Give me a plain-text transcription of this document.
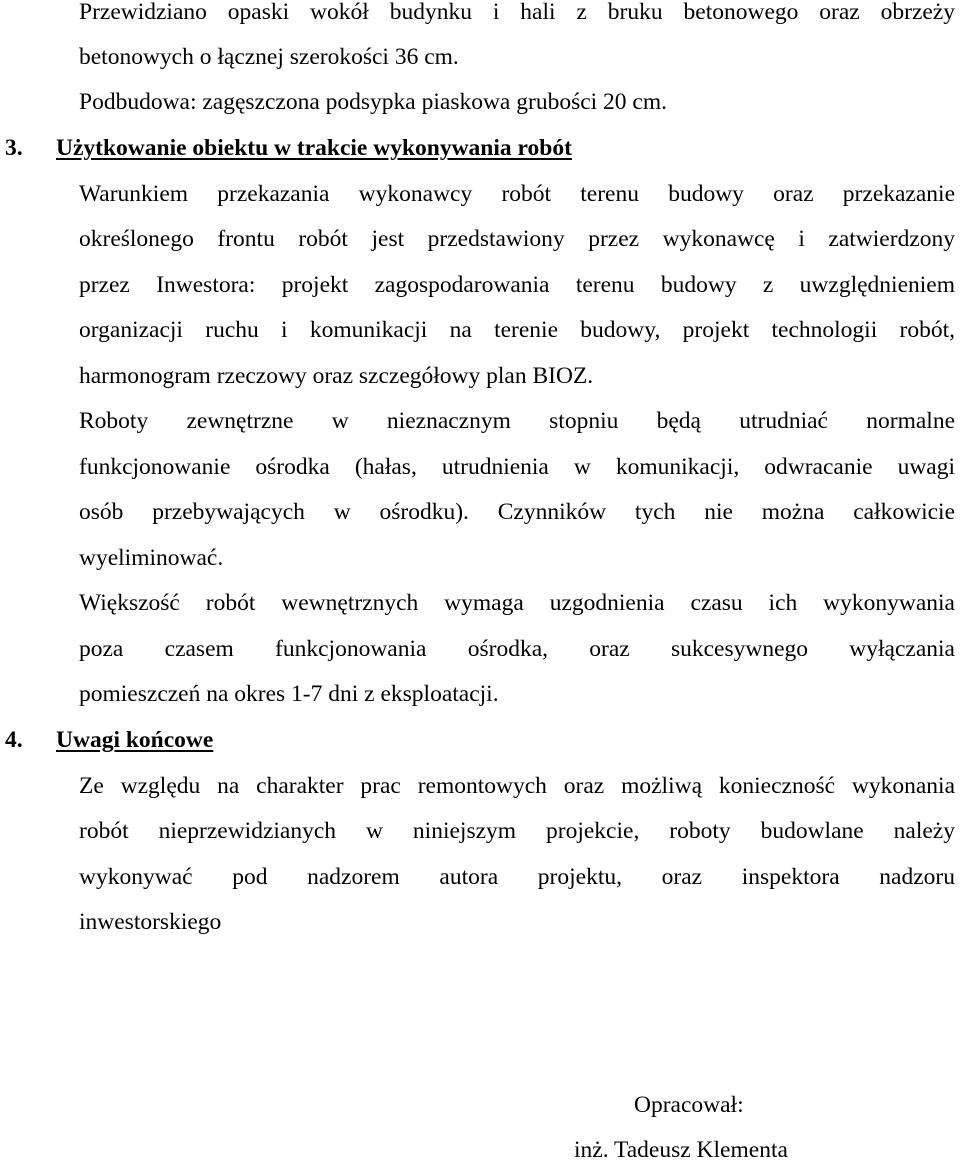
Przewidziano opaski wokół budynku i hali z bruku betonowego oraz obrzeży

betonowych o łącznej szerokości 36 cm.

Podbudowa: zagęszczona podsypka piaskowa grubości 20 cm.

3. Użytkowanie obiektu w trakcie wykonywania robót

Warunkiem przekazania wykonawcy robót terenu budowy oraz przekazanie

określonego frontu robót jest przedstawiony przez wykonawcę i zatwierdzony

przez Inwestora: projekt zagospodarowania terenu budowy z uwzględnieniem

organizacji ruchu i komunikacji na terenie budowy, projekt technologii robót,

harmonogram rzeczowy oraz szczegółowy plan BIOZ.

Roboty zewnętrzne w nieznacznym stopniu będą utrudniać normalne

funkcjonowanie ośrodka (hałas, utrudnienia w komunikacji, odwracanie uwagi

osób przebywających w ośrodku). Czynników tych nie można całkowicie

wyeliminować.

Większość robót wewnętrznych wymaga uzgodnienia czasu ich wykonywania

poza czasem funkcjonowania ośrodka, oraz sukcesywnego wyłączania

pomieszczeń na okres 1-7 dni z eksploatacji.

4. Uwagi końcowe

Ze względu na charakter prac remontowych oraz możliwą konieczność wykonania

robót nieprzewidzianych w niniejszym projekcie, roboty budowlane należy

wykonywać pod nadzorem autora projektu, oraz inspektora nadzoru

inwestorskiego

Opracował:

inż. Tadeusz Klementa
